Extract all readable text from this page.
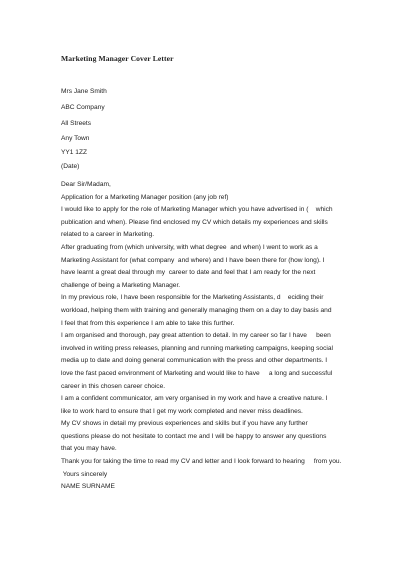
Marketing Manager Cover Letter
Mrs Jane Smith
ABC Company
All Streets
Any Town
YY1 1ZZ
(Date)
Dear Sir/Madam,
Application for a Marketing Manager position (any job ref)
I would like to apply for the role of Marketing Manager which you have advertised in (    which
publication and when). Please find enclosed my CV which details my experiences and skills
related to a career in Marketing.
After graduating from (which university, with what degree  and when) I went to work as a
Marketing Assistant for (what company  and where) and I have been there for (how long). I
have learnt a great deal through my  career to date and feel that I am ready for the next
challenge of being a Marketing Manager.
In my previous role, I have been responsible for the Marketing Assistants, d    eciding their
workload, helping them with training and generally managing them on a day to day basis and
I feel that from this experience I am able to take this further.
I am organised and thorough, pay great attention to detail. In my career so far I have     been
involved in writing press releases, planning and running marketing campaigns, keeping social
media up to date and doing general communication with the press and other departments. I
love the fast paced environment of Marketing and would like to have     a long and successful
career in this chosen career choice.
I am a confident communicator, am very organised in my work and have a creative nature. I
like to work hard to ensure that I get my work completed and never miss deadlines.
My CV shows in detail my previous experiences and skills but if you have any further
questions please do not hesitate to contact me and I will be happy to answer any questions
that you may have.
Thank you for taking the time to read my CV and letter and I look forward to hearing     from you.
Yours sincerely
NAME SURNAME
